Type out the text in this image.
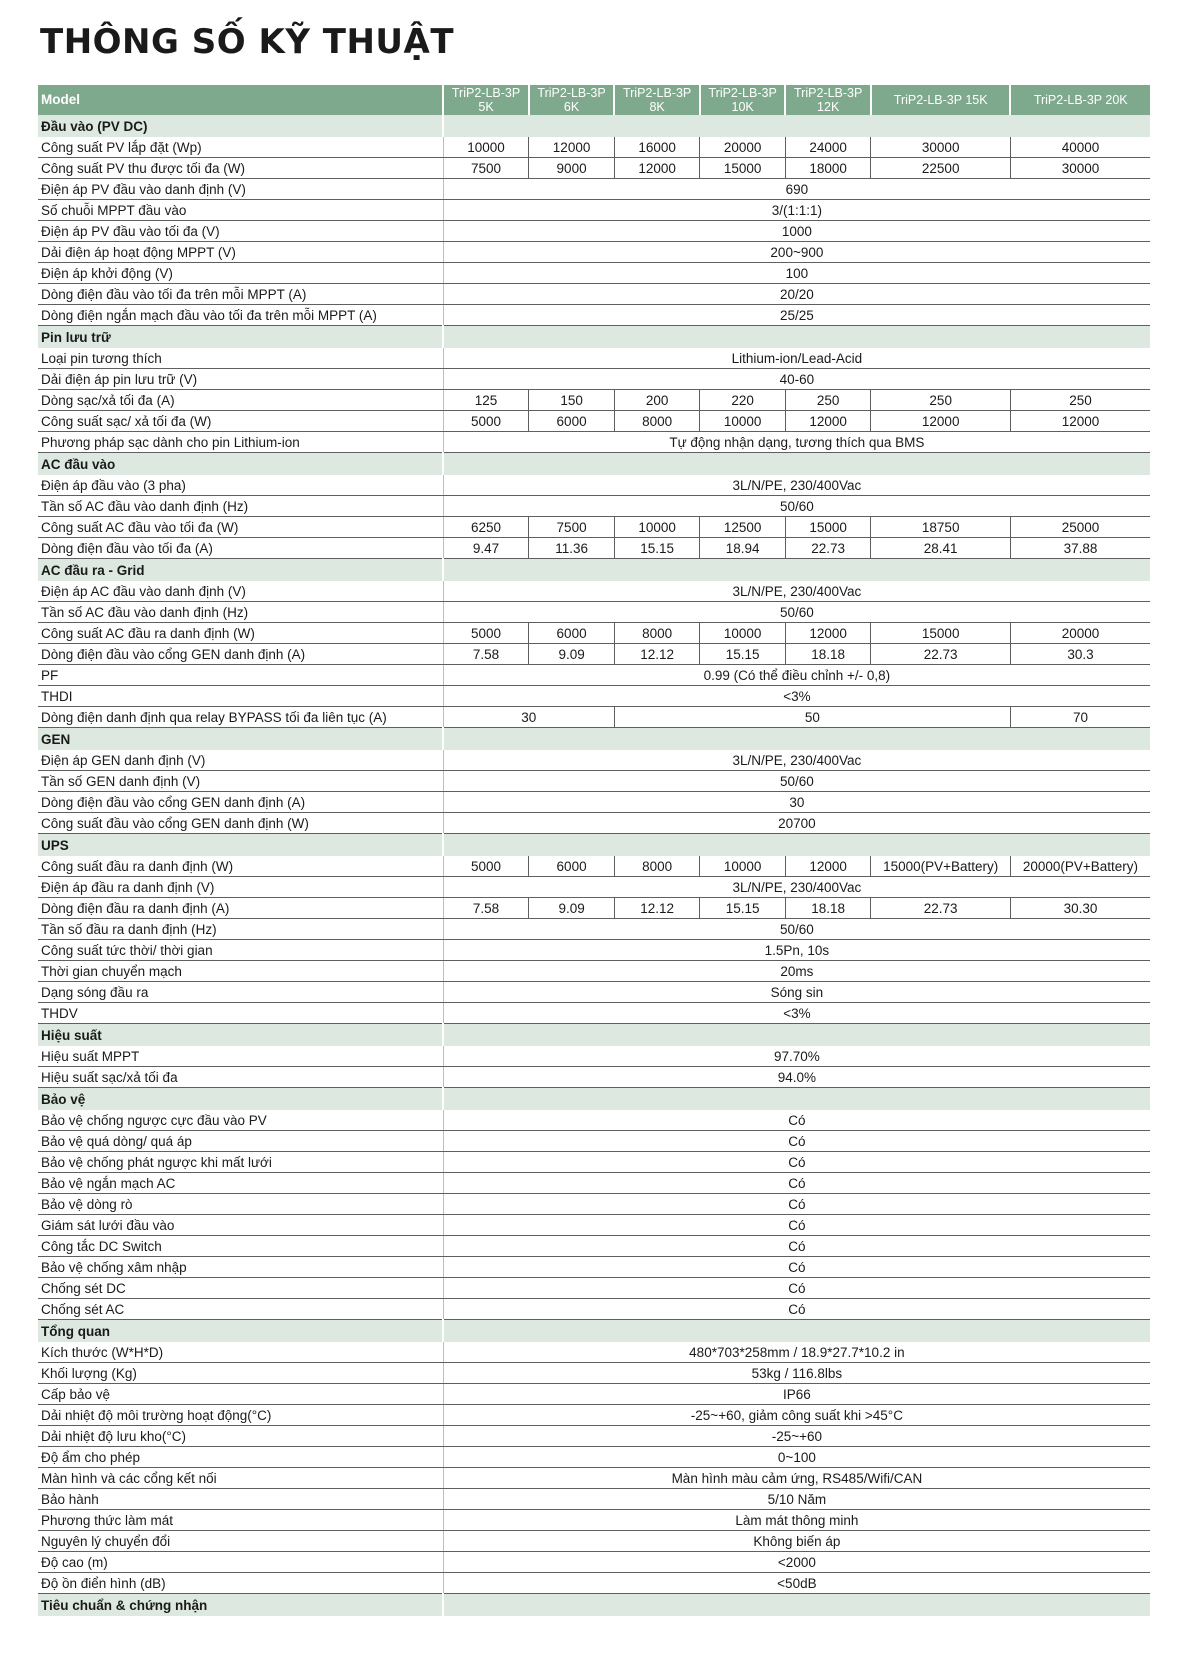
THÔNG SỐ KỸ THUẬT
Model	TriP2-LB-3P 5K	TriP2-LB-3P 6K	TriP2-LB-3P 8K	TriP2-LB-3P 10K	TriP2-LB-3P 12K	TriP2-LB-3P 15K	TriP2-LB-3P 20K
Đầu vào (PV DC)							
Công suất PV lắp đặt (Wp)	10000	12000	16000	20000	24000	30000	40000
Công suất PV thu được tối đa (W)	7500	9000	12000	15000	18000	22500	30000
Điện áp PV đầu vào danh định (V)	690						
Số chuỗi MPPT đầu vào	3/(1:1:1)						
Điện áp PV đầu vào tối đa (V)	1000						
Dải điện áp hoạt động MPPT (V)	200~900						
Điện áp khởi động (V)	100						
Dòng điện đầu vào tối đa trên mỗi MPPT (A)	20/20						
Dòng điện ngắn mạch đầu vào tối đa trên mỗi MPPT (A)	25/25						
Pin lưu trữ							
Loại pin tương thích	Lithium-ion/Lead-Acid						
Dải điện áp pin lưu trữ (V)	40-60						
Dòng sạc/xả tối đa (A)	125	150	200	220	250	250	250
Công suất sạc/ xả tối đa (W)	5000	6000	8000	10000	12000	12000	12000
Phương pháp sạc dành cho pin Lithium-ion	Tự động nhận dạng, tương thích qua BMS						
AC đầu vào							
Điện áp đầu vào (3 pha)	3L/N/PE, 230/400Vac						
Tần số AC đầu vào danh định (Hz)	50/60						
Công suất AC đầu vào tối đa (W)	6250	7500	10000	12500	15000	18750	25000
Dòng điện đầu vào tối đa (A)	9.47	11.36	15.15	18.94	22.73	28.41	37.88
AC đầu ra - Grid							
Điện áp AC đầu vào danh định (V)	3L/N/PE, 230/400Vac						
Tần số AC đầu vào danh định (Hz)	50/60						
Công suất AC đầu ra danh định (W)	5000	6000	8000	10000	12000	15000	20000
Dòng điện đầu vào cổng GEN danh định (A)	7.58	9.09	12.12	15.15	18.18	22.73	30.3
PF	0.99 (Có thể điều chỉnh +/- 0,8)						
THDI	<3%						
Dòng điện danh định qua relay BYPASS tối đa liên tục (A)	30		50				70
GEN							
Điện áp GEN danh định (V)	3L/N/PE, 230/400Vac						
Tần số GEN danh định (V)	50/60						
Dòng điện đầu vào cổng GEN danh định (A)	30						
Công suất đầu vào cổng GEN danh định (W)	20700						
UPS							
Công suất đầu ra danh định (W)	5000	6000	8000	10000	12000	15000(PV+Battery)	20000(PV+Battery)
Điện áp đầu ra danh định (V)	3L/N/PE, 230/400Vac						
Dòng điện đầu ra danh định (A)	7.58	9.09	12.12	15.15	18.18	22.73	30.30
Tần số đầu ra danh định (Hz)	50/60						
Công suất tức thời/ thời gian	1.5Pn, 10s						
Thời gian chuyển mạch	20ms						
Dạng sóng đầu ra	Sóng sin						
THDV	<3%						
Hiệu suất							
Hiệu suất MPPT	97.70%						
Hiệu suất sạc/xả tối đa	94.0%						
Bảo vệ							
Bảo vệ chống ngược cực đầu vào PV	Có						
Bảo vệ quá dòng/ quá áp	Có						
Bảo vệ chống phát ngược khi mất lưới	Có						
Bảo vệ ngắn mạch AC	Có						
Bảo vệ dòng rò	Có						
Giám sát lưới đầu vào	Có						
Công tắc DC Switch	Có						
Bảo vệ chống xâm nhập	Có						
Chống sét DC	Có						
Chống sét AC	Có						
Tổng quan							
Kích thước (W*H*D)	480*703*258mm / 18.9*27.7*10.2 in						
Khối lượng (Kg)	53kg / 116.8lbs						
Cấp bảo vệ	IP66						
Dải nhiệt độ môi trường hoạt động(°C)	-25~+60, giảm công suất khi >45°C						
Dải nhiệt độ lưu kho(°C)	-25~+60						
Độ ẩm cho phép	0~100						
Màn hình và các cổng kết nối	Màn hình màu cảm ứng, RS485/Wifi/CAN						
Bảo hành	5/10 Năm						
Phương thức làm mát	Làm mát thông minh						
Nguyên lý chuyển đổi	Không biến áp						
Độ cao (m)	<2000						
Độ ồn điển hình (dB)	<50dB						
Tiêu chuẩn & chứng nhận							
